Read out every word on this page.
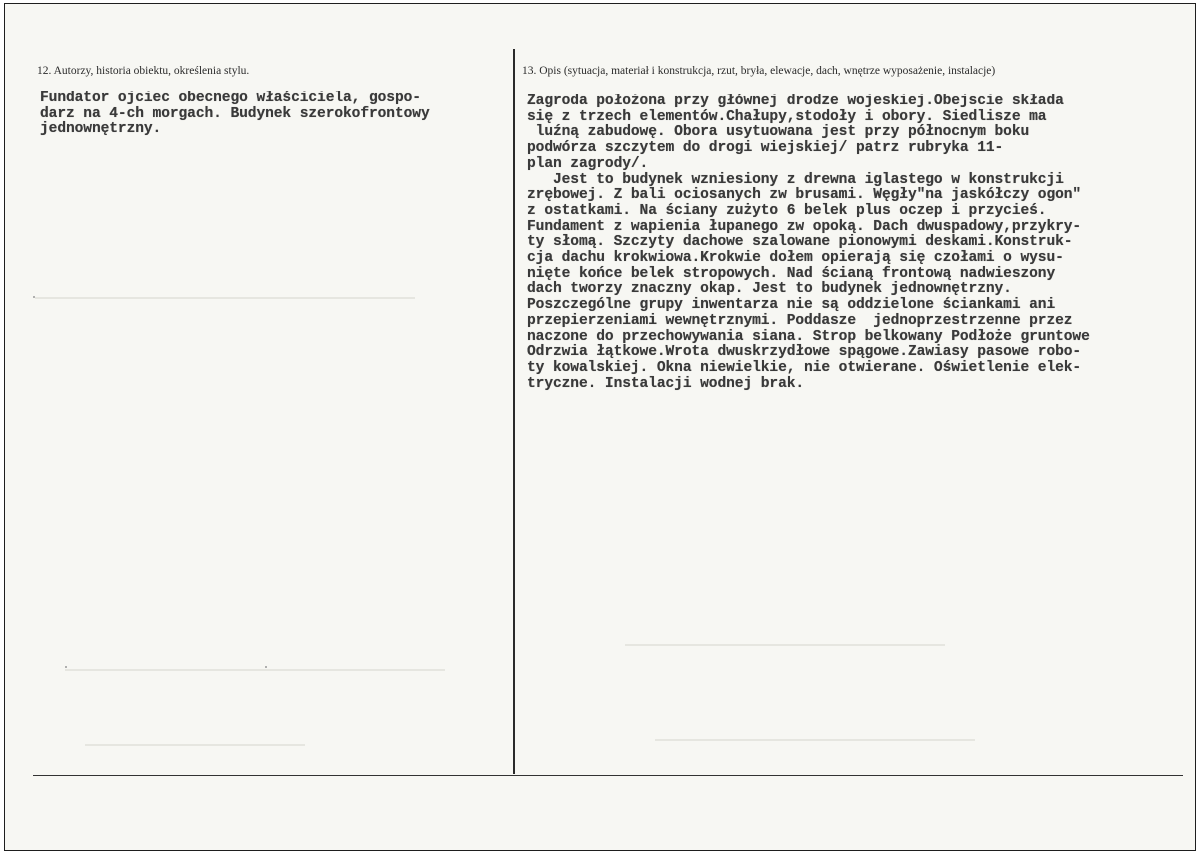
12. Autorzy, historia obiektu, określenia stylu.	13. Opis (sytuacja, materiał i konstrukcja, rzut, bryła, elewacje, dach, wnętrze wyposażenie, instalacje)
Fundator ojciec obecnego właściciela, gospo-
darz na 4-ch morgach. Budynek szerokofrontowy
jednownętrzny.
Zagroda położona przy głównej drodze wojeskiej.Obejscie składa
się z trzech elementów.Chałupy,stodoły i obory. Siedlisze ma
luźną zabudowę. Obora usytuowana jest przy północnym boku
podwórza szczytem do drogi wiejskiej/ patrz rubryka 11-
plan zagrody/.
Jest to budynek wzniesiony z drewna iglastego w konstrukcji
zrębowej. Z bali ociosanych zw brusami. Węgły"na jaskółczy ogon"
z ostatkami. Na ściany zużyto 6 belek plus oczep i przycieś.
Fundament z wapienia łupanego zw opoką. Dach dwuspadowy,przykry-
ty słomą. Szczyty dachowe szalowane pionowymi deskami.Konstruk-
cja dachu krokwiowa.Krokwie dołem opierają się czołami o wysu-
nięte końce belek stropowych. Nad ścianą frontową nadwieszony
dach tworzy znaczny okap. Jest to budynek jednownętrzny.
Poszczególne grupy inwentarza nie są oddzielone ściankami ani
przepierzeniami wewnętrznymi. Poddasze  jednoprzestrzenne przez
naczone do przechowywania siana. Strop belkowany Podłoże gruntowe
Odrzwia łątkowe.Wrota dwuskrzydłowe spągowe.Zawiasy pasowe robo-
ty kowalskiej. Okna niewielkie, nie otwierane. Oświetlenie elek-
tryczne. Instalacji wodnej brak.
